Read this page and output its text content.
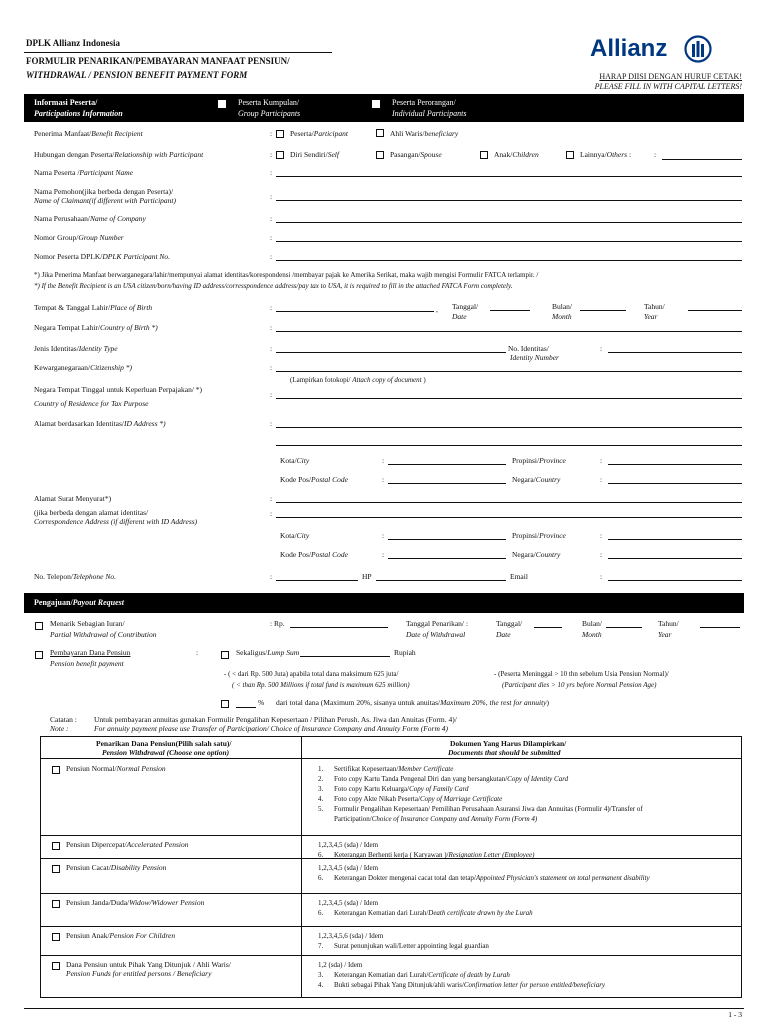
DPLK Allianz Indonesia
FORMULIR PENARIKAN/PEMBAYARAN MANFAAT PENSIUN/
WITHDRAWAL / PENSION BENEFIT PAYMENT FORM
Allianz
HARAP DIISI DENGAN HURUF CETAK!
PLEASE FILL IN WITH CAPITAL LETTERS!
Informasi Peserta/
Participations Information
Peserta Kumpulan/
Group Participants
Peserta Perorangan/
Individual Participants
Penerima Manfaat/Benefit Recipient	: Peserta/Participant	Ahli Waris/beneficiary
Hubungan dengan Peserta/Relationship with Participant	: Diri Sendiri/Self	Pasangan/Spouse	Anak/Children	Lainnya/Others :	:
Nama Peserta /Participant Name	:
Nama Pemohon(jika berbeda dengan Peserta)/
Name of Claimant(if different with Participant)	:
Nama Perusahaan/Name of Company	:
Nomor Group/Group Number	:
Nomor Peserta DPLK/DPLK Participant No.	:
*) Jika Penerima Manfaat berwarganegara/lahir/mempunyai alamat identitas/korespondensi /membayar pajak ke Amerika Serikat, maka wajib mengisi Formulir FATCA terlampir. /
*) If the Benefit Recipient is an USA citizen/born/having ID address/corresspondence address/pay tax to USA, it is required to fill in the attached FATCA Form completely.
Tempat & Tanggal Lahir/Place of Birth	:	, Tanggal/
Date
Bulan/
Month
Tahun/
Year
Negara Tempat Lahir/Country of Birth *)	:
Jenis Identitas/Identity Type	:	No. Identitas/
Identity Number
:
Kewarganegaraan/Citizenship *)	:
(Lampirkan fotokopi/ Attach copy of document )
Negara Tempat Tinggal untuk Keperluan Perpajakan/ *)
Country of Residence for Tax Purpose
:
Alamat berdasarkan Identitas/ID Address *)	:
Kota/City	:	Propinsi/Province	:
Kode Pos/Postal Code	:	Negara/Country	:
Alamat Surat Menyurat*)	:
(jika berbeda dengan alamat identitas/
Correspondence Address (if different with ID Address)
:
Kota/City	:	Propinsi/Province	:
Kode Pos/Postal Code	:	Negara/Country	:
No. Telepon/Telephone No.	:	HP	Email	:
Pengajuan/Payout Request
Menarik Sebagian Iuran/
Partial Withdrawal of Contribution
: Rp.	Tanggal Penarikan/ :
Date of Withdrawal
Tanggal/
Date
Bulan/
Month
Tahun/
Year
Pembayaran Dana Pensiun
Pension benefit payment
:	Sekaligus/Lump Sum	Rupiah
- ( < dari Rp. 500 Juta) apabila total dana maksimum 625 juta/
( < than Rp. 500 Millions if total fund is maximum 625 million)
- (Peserta Meninggal > 10 thn sebelum Usia Pensiun Normal)/
(Participant dies > 10 yrs before Normal Pension Age)
% dari total dana (Maximum 20%, sisanya untuk anuitas/Maximum 20%, the rest for annuity)
Catatan :
Note :
Untuk pembayaran annuitas gunakan Formulir Pengalihan Kepesertaan / Pilihan Perush. As. Jiwa dan Anuitas (Form. 4)/
For annuity payment please use Transfer of Participation/ Choice of Insurance Company and Annuity Form (Form 4)
Penarikan Dana Pensiun(Pilih salah satu)/
Pension Withdrawal (Choose one option)
Dokumen Yang Harus Dilampirkan/
Documents that should be submitted
Pensiun Normal/Normal Pension	1. Sertifikat Kepesertaan/Member Certificate
2. Foto copy Kartu Tanda Pengenal Diri dan yang bersangkutan/Copy of Identity Card
3. Foto copy Kartu Keluarga/Copy of Family Card
4. Foto copy Akte Nikah Peserta/Copy of Marriage Certificate
5. Formulir Pengalihan Kepesertaan/ Pemilihan Perusahaan Asuransi Jiwa dan Annuitas (Formulir 4)/Transfer of
Participation/Choice of Insurance Company and Annuity Form (Form 4)
Pensiun Dipercepat/Accelerated Pension	1,2,3,4,5 (sda) / Idem
6. Keterangan Berhenti kerja ( Karyawan )/Resignation Letter (Employee)
Pensiun Cacat/Disability Pension	1,2,3,4,5 (sda) / Idem
6. Keterangan Dokter mengenai cacat total dan tetap/Appointed Physician's statement on total permanent disability
Pensiun Janda/Duda/Widow/Widower Pension	1,2,3,4,5 (sda) / Idem
6. Keterangan Kematian dari Lurah/Death certificate drawn by the Lurah
Pensiun Anak/Pension For Children	1,2,3,4,5,6 (sda) / Idem
7. Surat penunjukan wali/Letter appointing legal guardian
Dana Pensiun untuk Pihak Yang Ditunjuk / Ahli Waris/
Pension Funds for entitled persons / Beneficiary
1,2 (sda) / Idem
3. Keterangan Kematian dari Lurah/Certificate of death by Lurah
4. Bukti sebagai Pihak Yang Ditunjuk/ahli waris/Confirmation letter for person entitled/beneficiary
1 - 3
